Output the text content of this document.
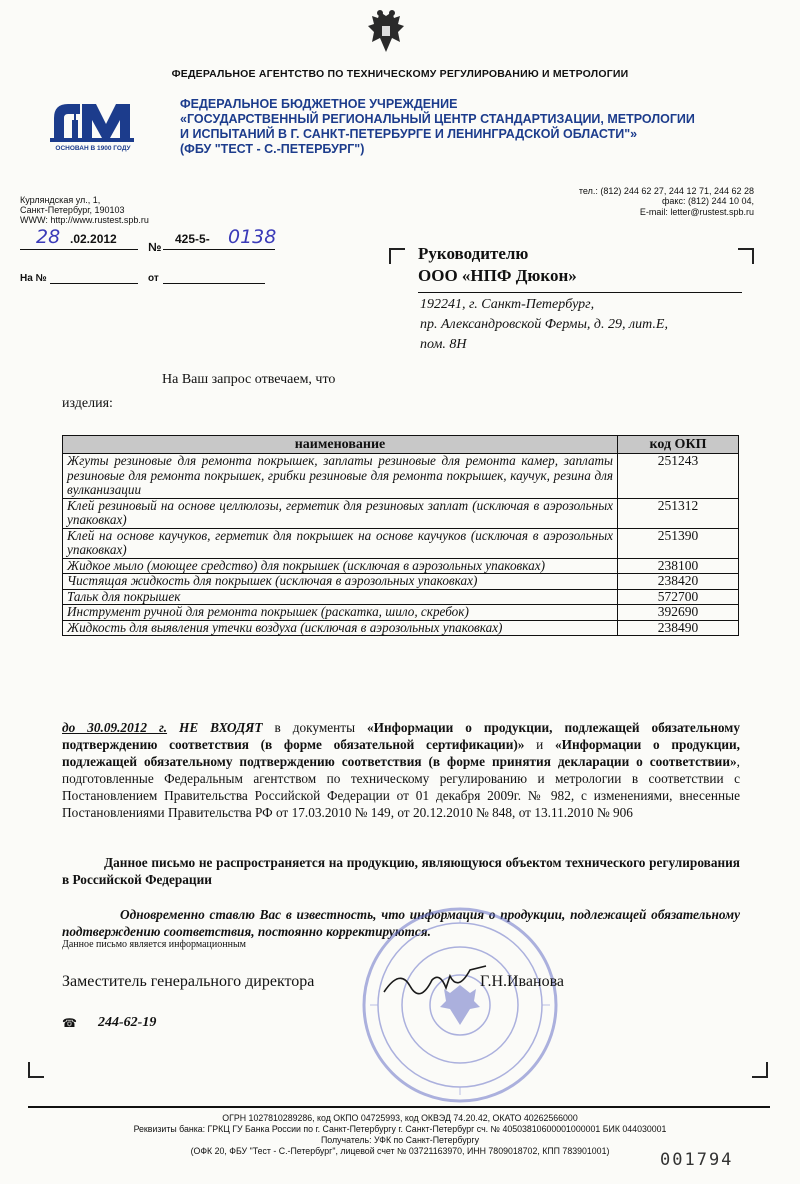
ФЕДЕРАЛЬНОЕ АГЕНТСТВО ПО ТЕХНИЧЕСКОМУ РЕГУЛИРОВАНИЮ И МЕТРОЛОГИИ
ОСНОВАН В 1900 ГОДУ
ФЕДЕРАЛЬНОЕ БЮДЖЕТНОЕ УЧРЕЖДЕНИЕ
«ГОСУДАРСТВЕННЫЙ РЕГИОНАЛЬНЫЙ ЦЕНТР СТАНДАРТИЗАЦИИ, МЕТРОЛОГИИ
И ИСПЫТАНИЙ В Г. САНКТ-ПЕТЕРБУРГЕ И ЛЕНИНГРАДСКОЙ ОБЛАСТИ"»
(ФБУ "ТЕСТ - С.-ПЕТЕРБУРГ")
Курляндская ул., 1,
Санкт-Петербург, 190103
WWW: http://www.rustest.spb.ru
тел.: (812) 244 62 27, 244 12 71, 244 62 28
факс: (812) 244 10 04,
E-mail: letter@rustest.spb.ru
28 .02.2012
№
425-5- 0138
На №	от
Руководителю
ООО «НПФ Дюкон»
192241, г. Санкт-Петербург,
пр. Александровской Фермы, д. 29, лит.Е,
пом. 8Н
На Ваш запрос отвечаем, что
изделия:
наименование	код ОКП
Жгуты резиновые для ремонта покрышек, заплаты резиновые для ремонта камер, заплаты резиновые для ремонта покрышек, грибки резиновые для ремонта покрышек, каучук, резина для вулканизации	251243
Клей резиновый на основе целлюлозы, герметик для резиновых заплат (исключая в аэрозольных упаковках)	251312
Клей на основе каучуков, герметик для покрышек на основе каучуков (исключая в аэрозольных упаковках)	251390
Жидкое мыло (моющее средство) для покрышек (исключая в аэрозольных упаковках)	238100
Чистящая жидкость для покрышек (исключая в аэрозольных упаковках)	238420
Тальк для покрышек	572700
Инструмент ручной для ремонта покрышек (раскатка, шило, скребок)	392690
Жидкость для выявления утечки воздуха (исключая в аэрозольных упаковках)	238490
до 30.09.2012 г. НЕ ВХОДЯТ в документы «Информации о продукции, подлежащей обязательному подтверждению соответствия (в форме обязательной сертификации)» и «Информации о продукции, подлежащей обязательному подтверждению соответствия (в форме принятия декларации о соответствии», подготовленные Федеральным агентством по техническому регулированию и метрологии в соответствии с Постановлением Правительства Российской Федерации от 01 декабря 2009г. № 982, с изменениями, внесенные Постановлениями Правительства РФ от 17.03.2010 № 149, от 20.12.2010 № 848, от 13.11.2010 № 906
Данное письмо не распространяется на продукцию, являющуюся объектом технического регулирования в Российской Федерации
Одновременно ставлю Вас в известность, что информация о продукции, подлежащей обязательному подтверждению соответствия, постоянно корректируются.
Данное письмо является информационным
Заместитель генерального директора	Г.Н.Иванова
☎ 244-62-19
ОГРН 1027810289286, код ОКПО 04725993, код ОКВЭД 74.20.42, ОКАТО 40262566000
Реквизиты банка: ГРКЦ ГУ Банка России по г. Санкт-Петербургу г. Санкт-Петербург сч. № 40503810600001000001 БИК 044030001
Получатель: УФК по Санкт-Петербургу
(ОФК 20, ФБУ "Тест - С.-Петербург", лицевой счет № 03721163970, ИНН 7809018702, КПП 783901001)	001794
